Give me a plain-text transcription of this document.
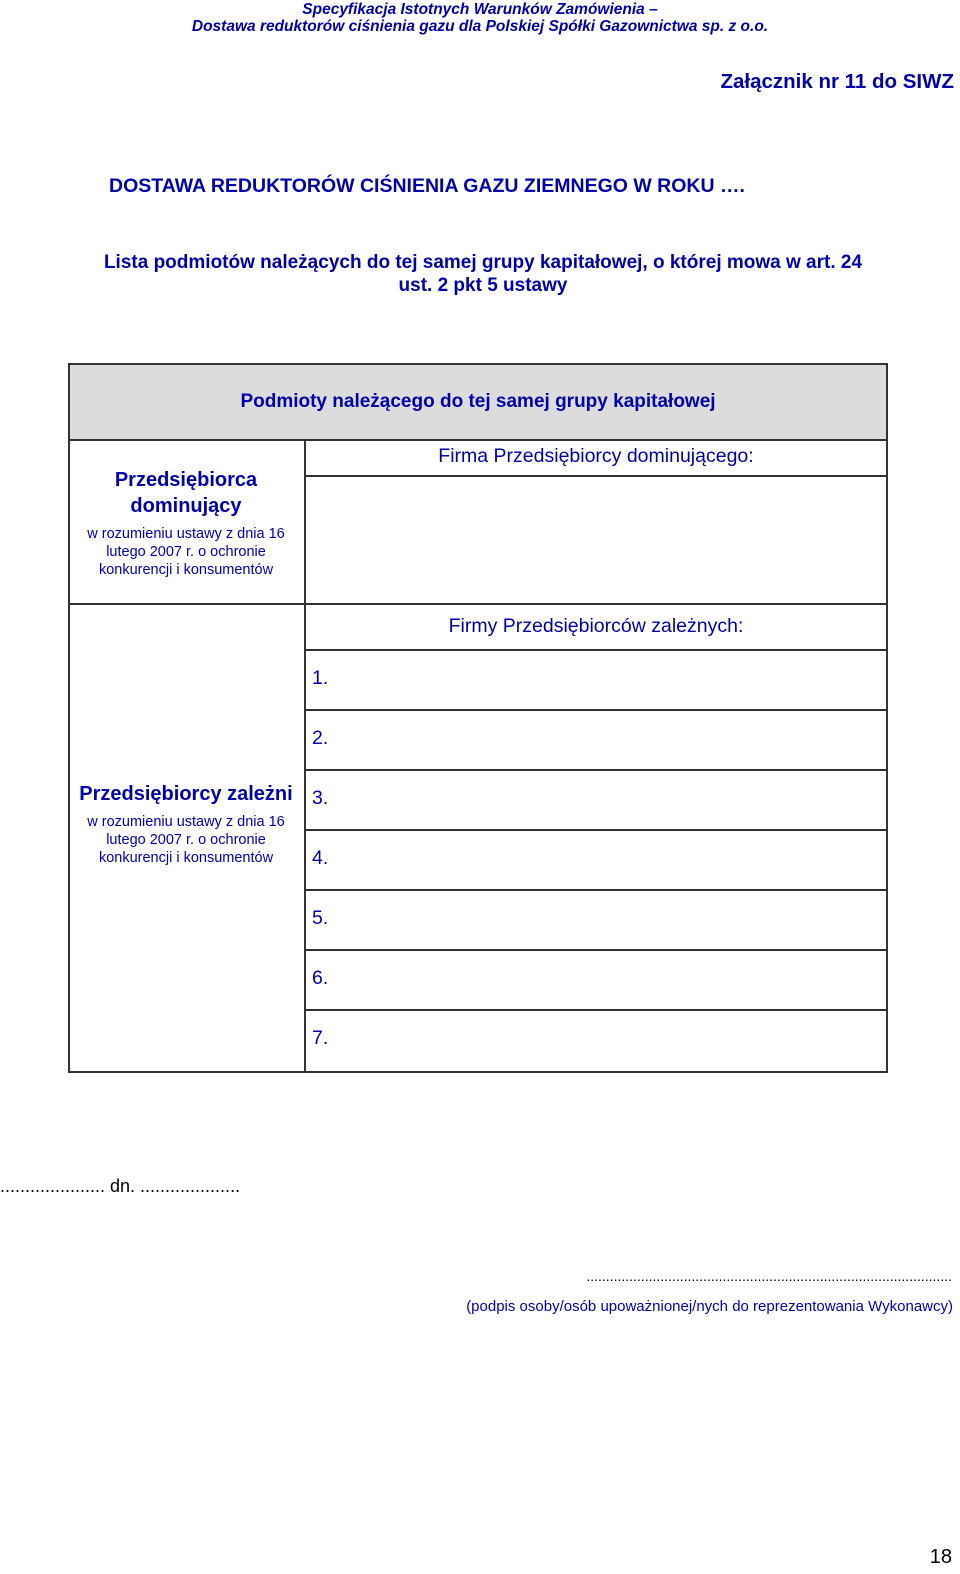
Specyfikacja Istotnych Warunków Zamówienia –
Dostawa reduktorów ciśnienia gazu dla Polskiej Spółki Gazownictwa sp. z o.o.
Załącznik nr 11 do SIWZ
DOSTAWA REDUKTORÓW CIŚNIENIA GAZU ZIEMNEGO W ROKU ….
Lista podmiotów należących do tej samej grupy kapitałowej, o której mowa w art. 24 ust. 2 pkt 5 ustawy
Podmioty należącego do tej samej grupy kapitałowej
Przedsiębiorca dominujący
w rozumieniu ustawy z dnia 16 lutego 2007 r. o ochronie konkurencji i konsumentów
Firma Przedsiębiorcy dominującego:
Przedsiębiorcy zależni
w rozumieniu ustawy z dnia 16 lutego 2007 r. o ochronie konkurencji i konsumentów
Firmy Przedsiębiorców zależnych:
1.
2.
3.
4.
5.
6.
7.
..................... dn. ....................
..............................................................................................
(podpis osoby/osób upoważnionej/nych do reprezentowania Wykonawcy)
18
